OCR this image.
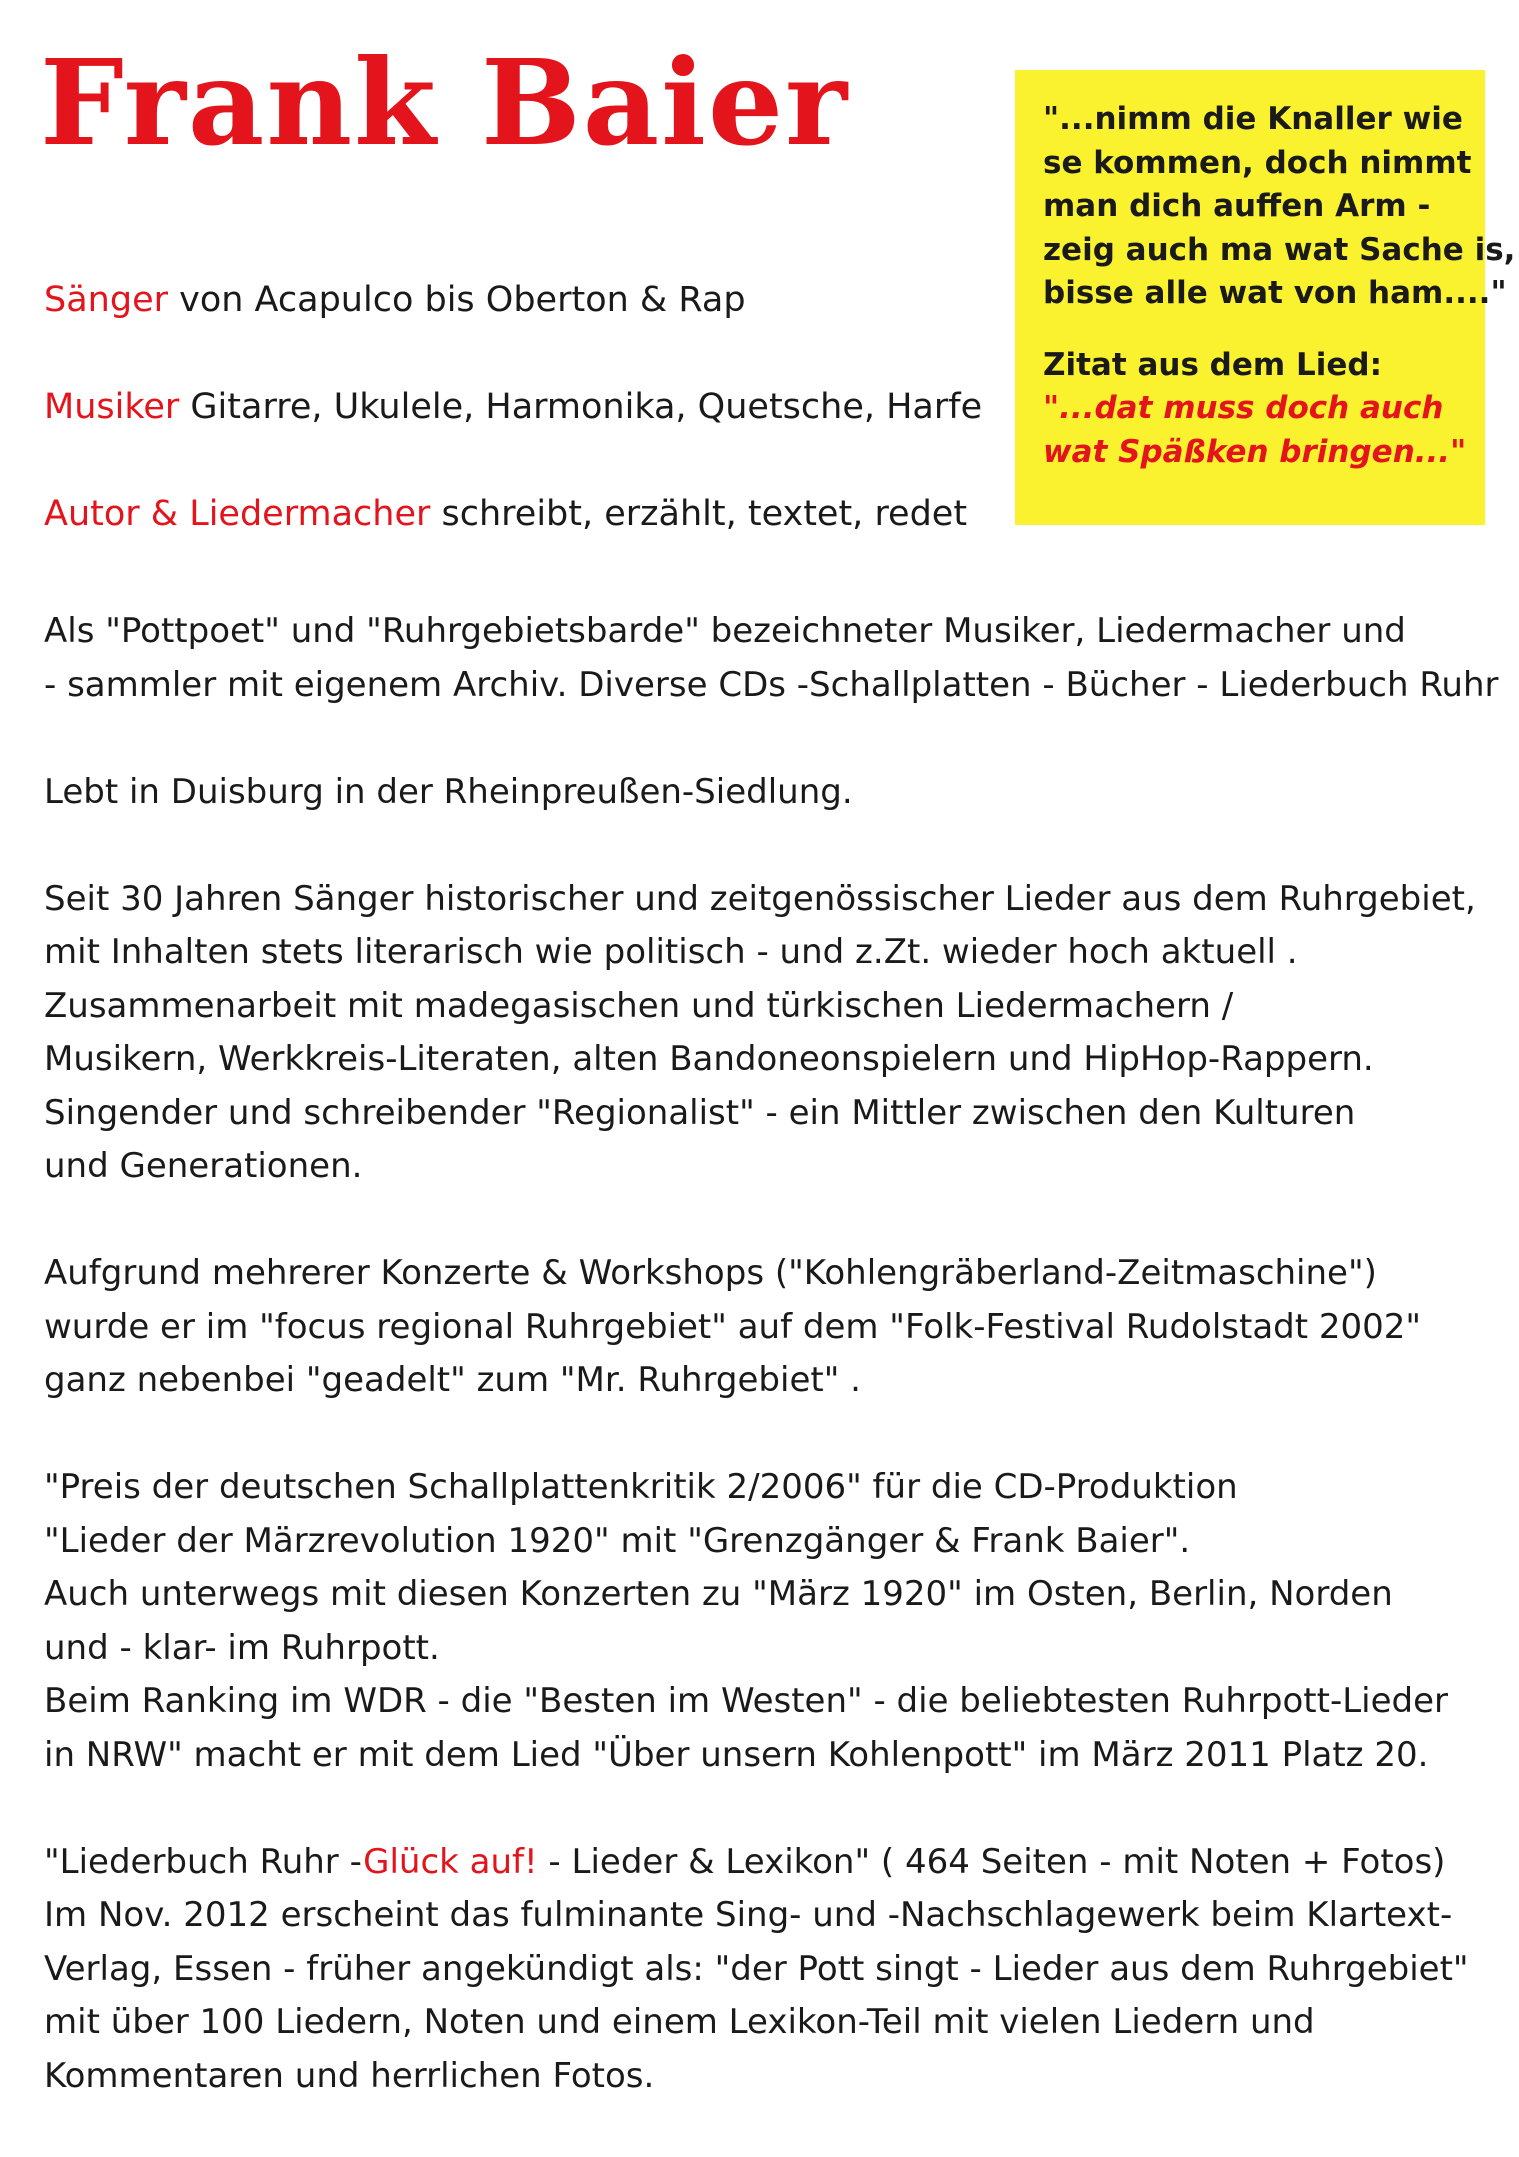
Frank Baier	"...nimm die Knaller wie
se kommen, doch nimmt
man dich auffen Arm -
zeig auch ma wat Sache is,
bisse alle wat von ham...."
Zitat aus dem Lied:
"...dat muss doch auch
wat Späßken bringen..."
Sänger von Acapulco bis Oberton & Rap
Musiker Gitarre, Ukulele, Harmonika, Quetsche, Harfe
Autor & Liedermacher schreibt, erzählt, textet, redet
Als "Pottpoet" und "Ruhrgebietsbarde" bezeichneter Musiker, Liedermacher und
- sammler mit eigenem Archiv. Diverse CDs -Schallplatten - Bücher - Liederbuch Ruhr
Lebt in Duisburg in der Rheinpreußen-Siedlung.
Seit 30 Jahren Sänger historischer und zeitgenössischer Lieder aus dem Ruhrgebiet,
mit Inhalten stets literarisch wie politisch - und z.Zt. wieder hoch aktuell .
Zusammenarbeit mit madegasischen und türkischen Liedermachern /
Musikern, Werkkreis-Literaten, alten Bandoneonspielern und HipHop-Rappern.
Singender und schreibender "Regionalist" - ein Mittler zwischen den Kulturen
und Generationen.
Aufgrund mehrerer Konzerte & Workshops ("Kohlengräberland-Zeitmaschine")
wurde er im "focus regional Ruhrgebiet" auf dem "Folk-Festival Rudolstadt 2002"
ganz nebenbei "geadelt" zum "Mr. Ruhrgebiet" .
"Preis der deutschen Schallplattenkritik 2/2006" für die CD-Produktion
"Lieder der Märzrevolution 1920" mit "Grenzgänger & Frank Baier".
Auch unterwegs mit diesen Konzerten zu "März 1920" im Osten, Berlin, Norden
und - klar- im Ruhrpott.
Beim Ranking im WDR - die "Besten im Westen" - die beliebtesten Ruhrpott-Lieder
in NRW" macht er mit dem Lied "Über unsern Kohlenpott" im März 2011 Platz 20.
"Liederbuch Ruhr -Glück auf! - Lieder & Lexikon" ( 464 Seiten - mit Noten + Fotos)
Im Nov. 2012 erscheint das fulminante Sing- und -Nachschlagewerk beim Klartext-
Verlag, Essen - früher angekündigt als: "der Pott singt - Lieder aus dem Ruhrgebiet"
mit über 100 Liedern, Noten und einem Lexikon-Teil mit vielen Liedern und
Kommentaren und herrlichen Fotos.
